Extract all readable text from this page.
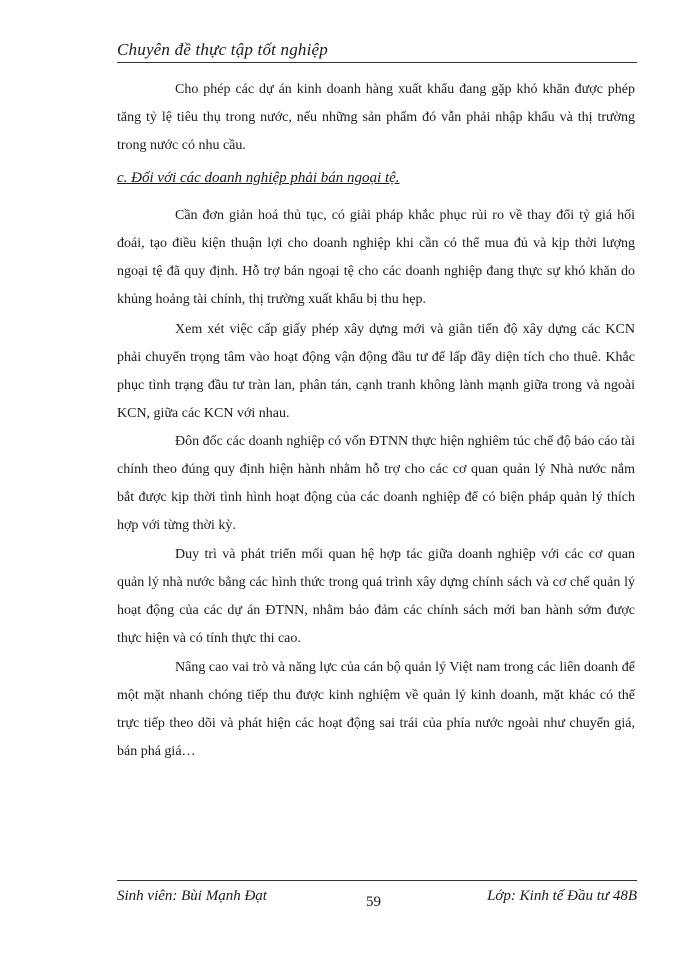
Chuyên đề thực tập tốt nghiệp

Cho phép các dự án kinh doanh hàng xuất khẩu đang gặp khó khăn được phép tăng tỷ lệ tiêu thụ trong nước, nếu những sản phẩm đó vẫn phải nhập khẩu và thị trường trong nước có nhu cầu.

c. Đối với các doanh nghiệp phải bán ngoại tệ.

Cần đơn giản hoá thủ tục, có giải pháp khắc phục rủi ro về thay đổi tỷ giá hối đoái, tạo điều kiện thuận lợi cho doanh nghiệp khi cần có thể mua đủ và kịp thời lượng ngoại tệ đã quy định. Hỗ trợ bán ngoại tệ cho các doanh nghiệp đang thực sự khó khăn do khủng hoảng tài chính, thị trường xuất khẩu bị thu hẹp.

Xem xét việc cấp giấy phép xây dựng mới và giãn tiến độ xây dựng các KCN phải chuyển trọng tâm vào hoạt động vận động đầu tư để lấp đầy diện tích cho thuê. Khắc phục tình trạng đầu tư tràn lan, phân tán, cạnh tranh không lành mạnh giữa trong và ngoài KCN, giữa các KCN với nhau.

Đôn đốc các doanh nghiệp có vốn ĐTNN thực hiện nghiêm túc chế độ báo cáo tài chính theo đúng quy định hiện hành nhằm hỗ trợ cho các cơ quan quản lý Nhà nước nắm bắt được kịp thời tình hình hoạt động của các doanh nghiệp để có biện pháp quản lý thích hợp với từng thời kỳ.

Duy trì và phát triển mối quan hệ hợp tác giữa doanh nghiệp với các cơ quan quản lý nhà nước bằng các hình thức trong quá trình xây dựng chính sách và cơ chế quản lý hoạt động của các dự án ĐTNN, nhằm bảo đảm các chính sách mới ban hành sớm được thực hiện và có tính thực thi cao.

Nâng cao vai trò và năng lực của cán bộ quản lý Việt nam trong các liên doanh để một mặt nhanh chóng tiếp thu được kinh nghiệm về quản lý kinh doanh, mặt khác có thể trực tiếp theo dõi và phát hiện các hoạt động sai trái của phía nước ngoài như chuyển giá, bán phá giá…

Sinh viên: Bùi Mạnh Đạt	59	Lớp: Kinh tế Đầu tư 48B
